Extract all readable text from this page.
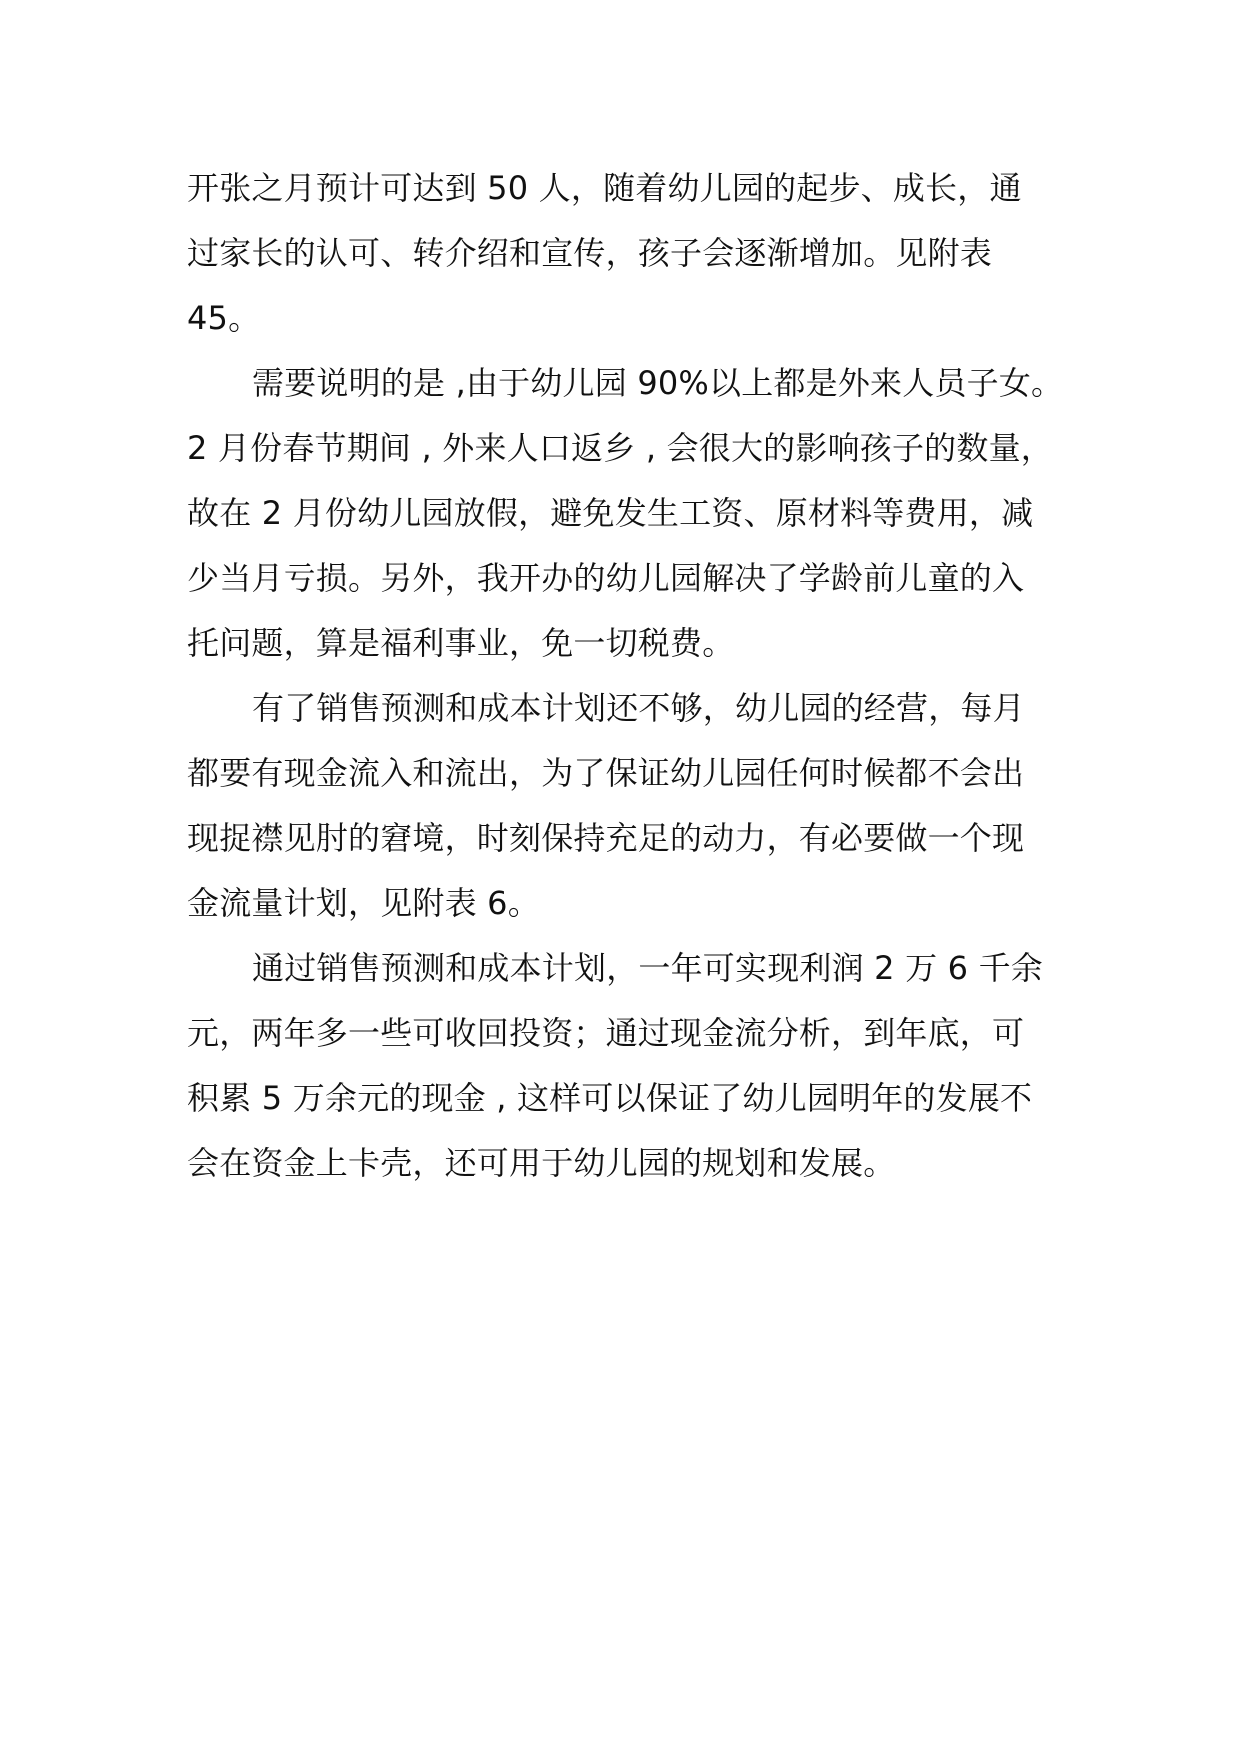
开张之月预计可达到 50 人，随着幼儿园的起步、成长，通
过家长的认可、转介绍和宣传，孩子会逐渐增加。见附表
45。
需要说明的是 ,由于幼儿园 90%以上都是外来人员子女。
2 月份春节期间 , 外来人口返乡 , 会很大的影响孩子的数量，
故在 2 月份幼儿园放假，避免发生工资、原材料等费用，减
少当月亏损。另外，我开办的幼儿园解决了学龄前儿童的入
托问题，算是福利事业，免一切税费。
有了销售预测和成本计划还不够，幼儿园的经营，每月
都要有现金流入和流出，为了保证幼儿园任何时候都不会出
现捉襟见肘的窘境，时刻保持充足的动力，有必要做一个现
金流量计划，见附表 6。
通过销售预测和成本计划，一年可实现利润 2 万 6 千余
元，两年多一些可收回投资；通过现金流分析，到年底，可
积累 5 万余元的现金 , 这样可以保证了幼儿园明年的发展不
会在资金上卡壳，还可用于幼儿园的规划和发展。
